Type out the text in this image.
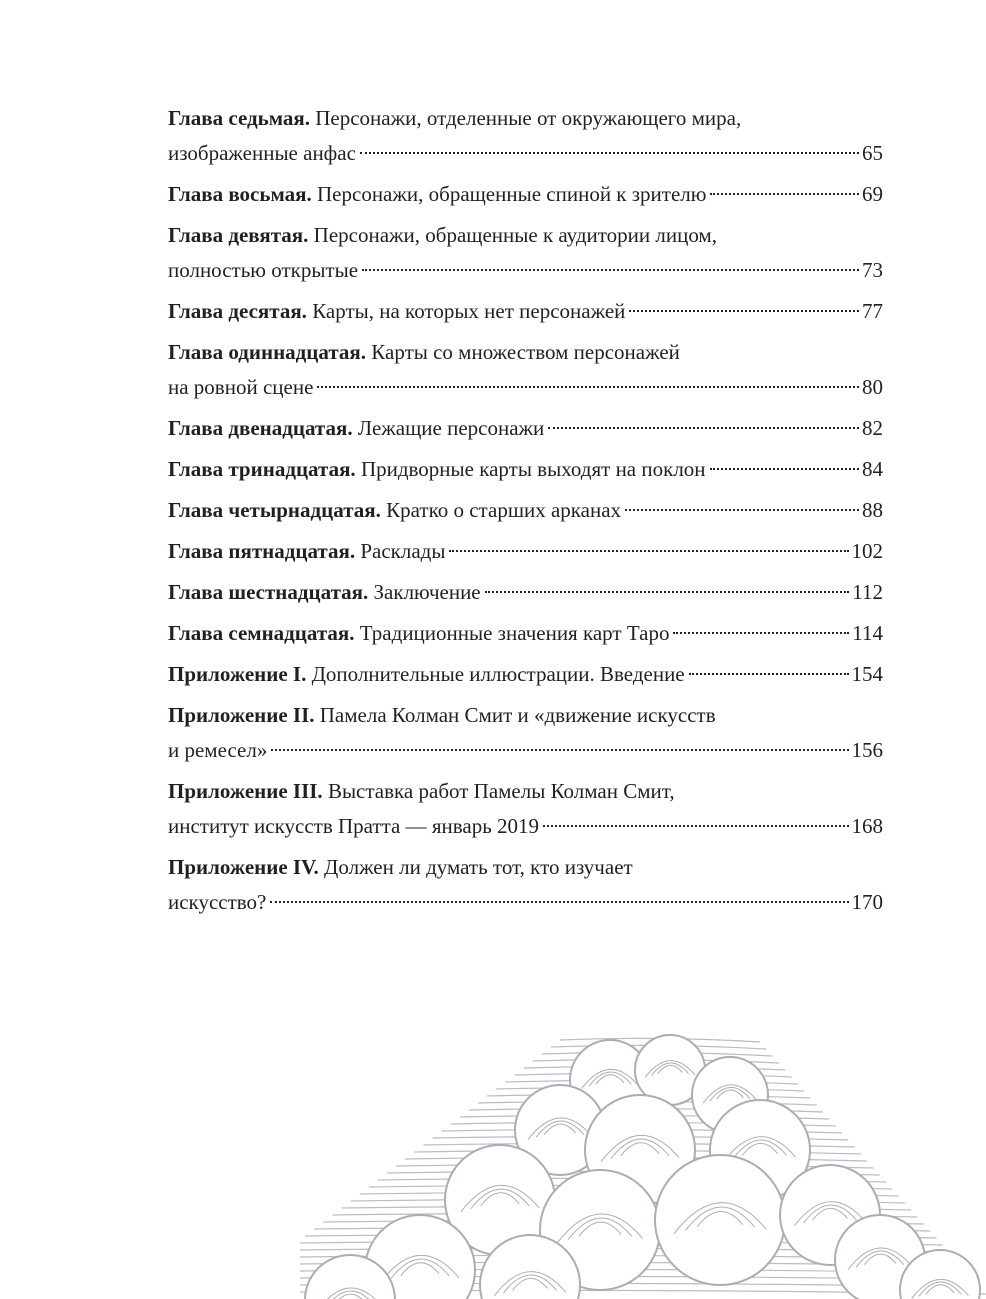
Глава седьмая. Персонажи, отделенные от окружающего мира,
изображенные анфас	65
Глава восьмая. Персонажи, обращенные спиной к зрителю	69
Глава девятая. Персонажи, обращенные к аудитории лицом,
полностью открытые	73
Глава десятая. Карты, на которых нет персонажей	77
Глава одиннадцатая. Карты со множеством персонажей
на ровной сцене	80
Глава двенадцатая. Лежащие персонажи	82
Глава тринадцатая. Придворные карты выходят на поклон	84
Глава четырнадцатая. Кратко о старших арканах	88
Глава пятнадцатая. Расклады	102
Глава шестнадцатая. Заключение	112
Глава семнадцатая. Традиционные значения карт Таро	114
Приложение I. Дополнительные иллюстрации. Введение	154
Приложение II. Памела Колман Смит и «движение искусств
и ремесел»	156
Приложение III. Выставка работ Памелы Колман Смит,
институт искусств Пратта — январь 2019	168
Приложение IV. Должен ли думать тот, кто изучает
искусство?	170
